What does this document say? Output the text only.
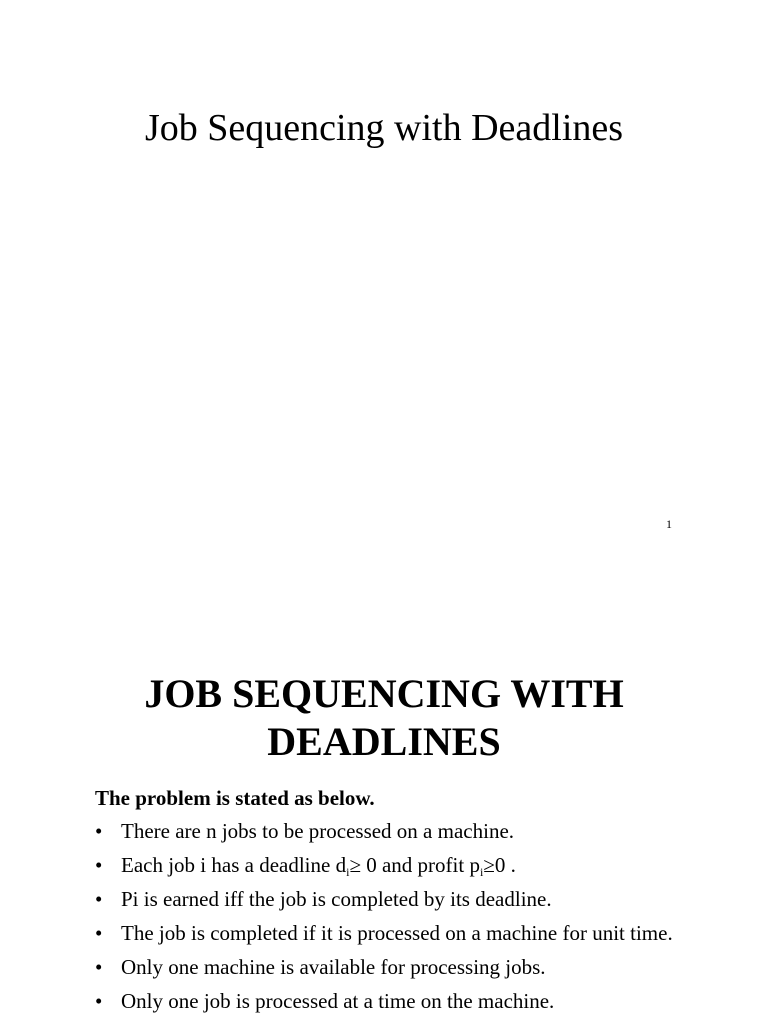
Job Sequencing with Deadlines
1
JOB SEQUENCING WITH
DEADLINES
The problem is stated as below.
• There are n jobs to be processed on a machine.
• Each job i has a deadline $d_i\ge 0$ and profit $p_i\ge 0$ .
• Pi is earned iff the job is completed by its deadline.
• The job is completed if it is processed on a machine for unit time.
• Only one machine is available for processing jobs.
• Only one job is processed at a time on the machine.
